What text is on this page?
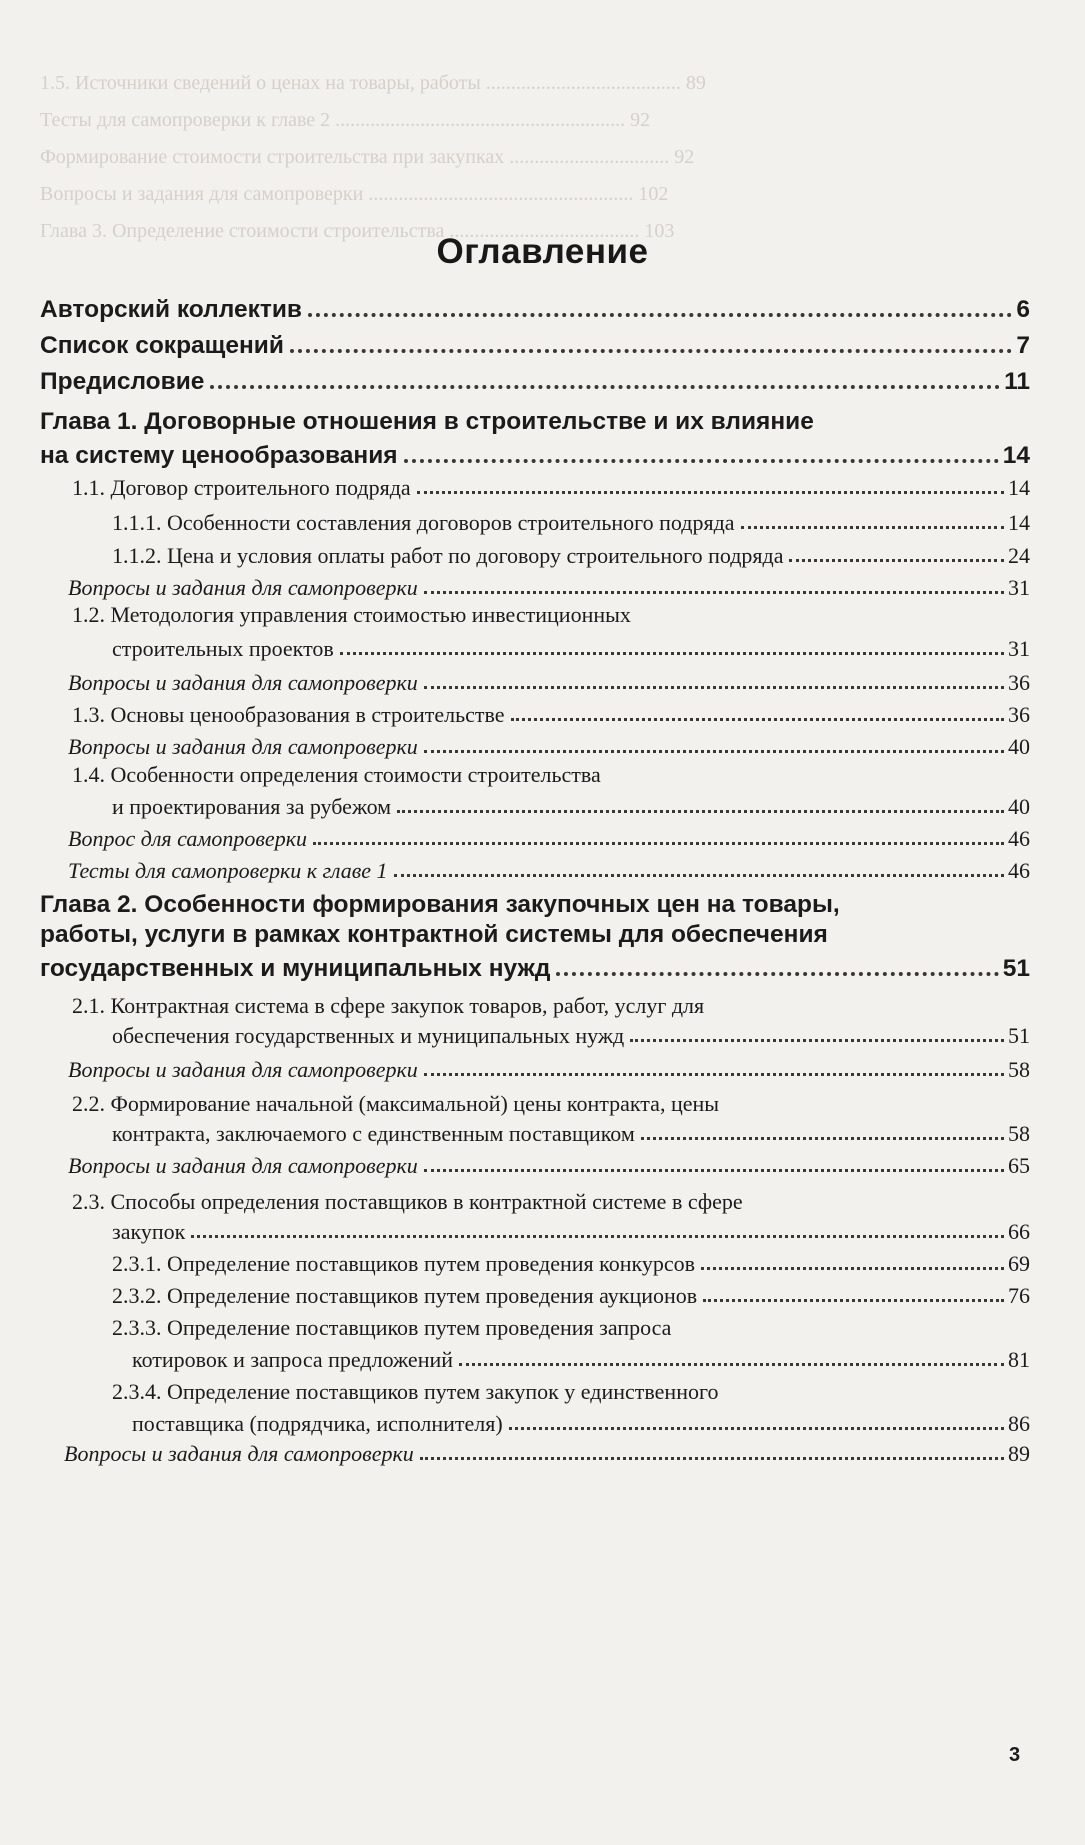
1.5. Источники сведений о ценах на товары, работы ....................................... 89
Тесты для самопроверки к главе 2 .......................................................... 92
Формирование стоимости строительства при закупках ................................ 92
Вопросы и задания для самопроверки ..................................................... 102
Глава 3. Определение стоимости строительства ...................................... 103
Оглавление
Авторский коллектив	6
Список сокращений	7
Предисловие	11
Глава 1. Договорные отношения в строительстве и их влияние
на систему ценообразования	14
1.1. Договор строительного подряда	14
1.1.1. Особенности составления договоров строительного подряда	14
1.1.2. Цена и условия оплаты работ по договору строительного подряда	24
Вопросы и задания для самопроверки	31
1.2. Методология управления стоимостью инвестиционных
строительных проектов	31
Вопросы и задания для самопроверки	36
1.3. Основы ценообразования в строительстве	36
Вопросы и задания для самопроверки	40
1.4. Особенности определения стоимости строительства
и проектирования за рубежом	40
Вопрос для самопроверки	46
Тесты для самопроверки к главе 1	46
Глава 2. Особенности формирования закупочных цен на товары,
работы, услуги в рамках контрактной системы для обеспечения
государственных и муниципальных нужд	51
2.1. Контрактная система в сфере закупок товаров, работ, услуг для
обеспечения государственных и муниципальных нужд	51
Вопросы и задания для самопроверки	58
2.2. Формирование начальной (максимальной) цены контракта, цены
контракта, заключаемого с единственным поставщиком	58
Вопросы и задания для самопроверки	65
2.3. Способы определения поставщиков в контрактной системе в сфере
закупок	66
2.3.1. Определение поставщиков путем проведения конкурсов	69
2.3.2. Определение поставщиков путем проведения аукционов	76
2.3.3. Определение поставщиков путем проведения запроса
котировок и запроса предложений	81
2.3.4. Определение поставщиков путем закупок у единственного
поставщика (подрядчика, исполнителя)	86
Вопросы и задания для самопроверки	89
3
